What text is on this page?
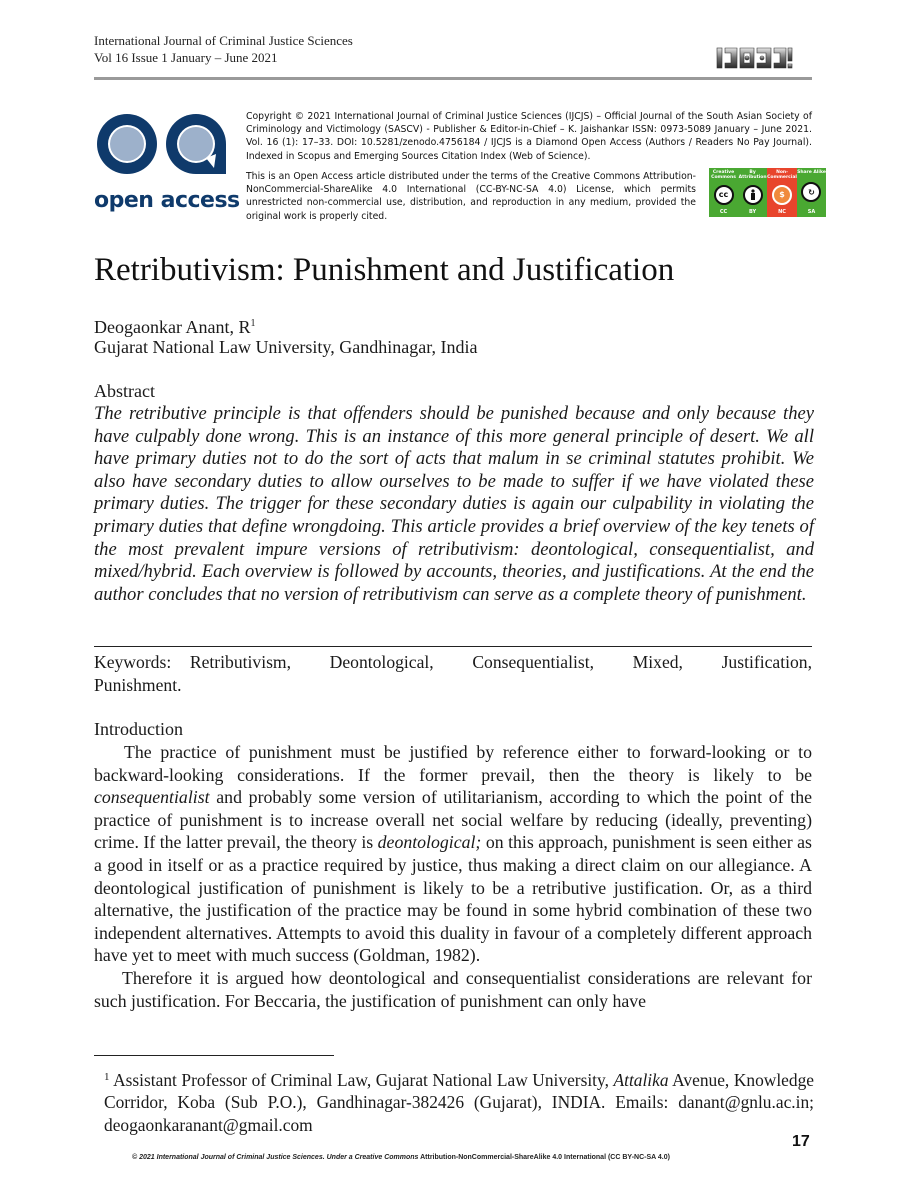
International Journal of Criminal Justice Sciences
Vol 16 Issue 1 January – June 2021
open access
Copyright © 2021 International Journal of Criminal Justice Sciences (IJCJS) – Official Journal of the South Asian Society of Criminology and Victimology (SASCV) - Publisher & Editor-in-Chief – K. Jaishankar ISSN: 0973-5089 January – June 2021. Vol. 16 (1): 17–33. DOI: 10.5281/zenodo.4756184 / IJCJS is a Diamond Open Access (Authors / Readers No Pay Journal). Indexed in Scopus and Emerging Sources Citation Index (Web of Science).
This is an Open Access article distributed under the terms of the Creative Commons Attribution-NonCommercial-ShareAlike 4.0 International (CC-BY-NC-SA 4.0) License, which permits unrestricted non-commercial use, distribution, and reproduction in any medium, provided the original work is properly cited.
Creative Commons
cc
CC
By Attribution
BY
Non-Commercial
$
NC
Share Alike
↻
SA
Retributivism: Punishment and Justification
Deogaonkar Anant, $R^1$
Gujarat National Law University, Gandhinagar, India
Abstract
The retributive principle is that offenders should be punished because and only because they have culpably done wrong. This is an instance of this more general principle of desert. We all have primary duties not to do the sort of acts that malum in se criminal statutes prohibit. We also have secondary duties to allow ourselves to be made to suffer if we have violated these primary duties. The trigger for these secondary duties is again our culpability in violating the primary duties that define wrongdoing. This article provides a brief overview of the key tenets of the most prevalent impure versions of retributivism: deontological, consequentialist, and mixed/hybrid. Each overview is followed by accounts, theories, and justifications. At the end the author concludes that no version of retributivism can serve as a complete theory of punishment.
Keywords: Retributivism, Deontological, Consequentialist, Mixed, Justification, Punishment.
Introduction

The practice of punishment must be justified by reference either to forward-looking or to backward-looking considerations. If the former prevail, then the theory is likely to be consequentialist and probably some version of utilitarianism, according to which the point of the practice of punishment is to increase overall net social welfare by reducing (ideally, preventing) crime. If the latter prevail, the theory is deontological; on this approach, punishment is seen either as a good in itself or as a practice required by justice, thus making a direct claim on our allegiance. A deontological justification of punishment is likely to be a retributive justification. Or, as a third alternative, the justification of the practice may be found in some hybrid combination of these two independent alternatives. Attempts to avoid this duality in favour of a completely different approach have yet to meet with much success (Goldman, 1982).

Therefore it is argued how deontological and consequentialist considerations are relevant for such justification. For Beccaria, the justification of punishment can only have

$^1$ Assistant Professor of Criminal Law, Gujarat National Law University, Attalika Avenue, Knowledge Corridor, Koba (Sub P.O.), Gandhinagar-382426 (Gujarat), INDIA. Emails: danant@gnlu.ac.in; deogaonkaranant@gmail.com
17
© 2021 International Journal of Criminal Justice Sciences. Under a Creative Commons Attribution-NonCommercial-ShareAlike 4.0 International (CC BY-NC-SA 4.0)
